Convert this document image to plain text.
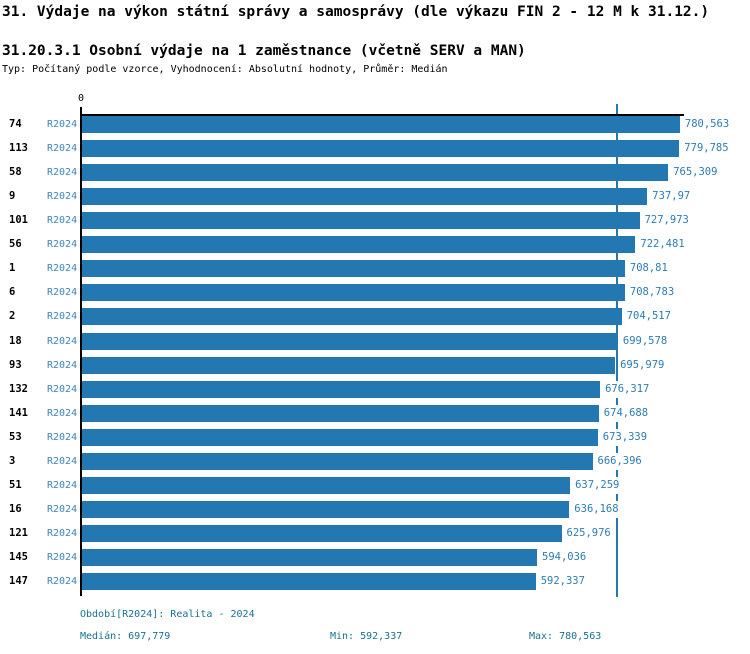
31. Výdaje na výkon státní správy a samosprávy (dle výkazu FIN 2 - 12 M k 31.12.)
31.20.3.1 Osobní výdaje na 1 zaměstnance (včetně SERV a MAN)
Typ: Počítaný podle vzorce, Vyhodnocení: Absolutní hodnoty, Průměr: Medián
0
74	R2024	780,563
113 R2024	779,785
58	R2024	765,309
9	R2024	737,97
101 R2024	727,973
56	R2024	722,481
1	R2024	708,81
6	R2024	708,783
2	R2024	704,517
18	R2024	699,578
93	R2024	695,979
132 R2024	676,317
141 R2024	674,688
53	R2024	673,339
3	R2024	666,396
51	R2024	637,259
16	R2024	636,168
121 R2024	625,976
145 R2024	594,036
147 R2024	592,337
Období[R2024]: Realita - 2024
Medián: 697,779	Min: 592,337	Max: 780,563
